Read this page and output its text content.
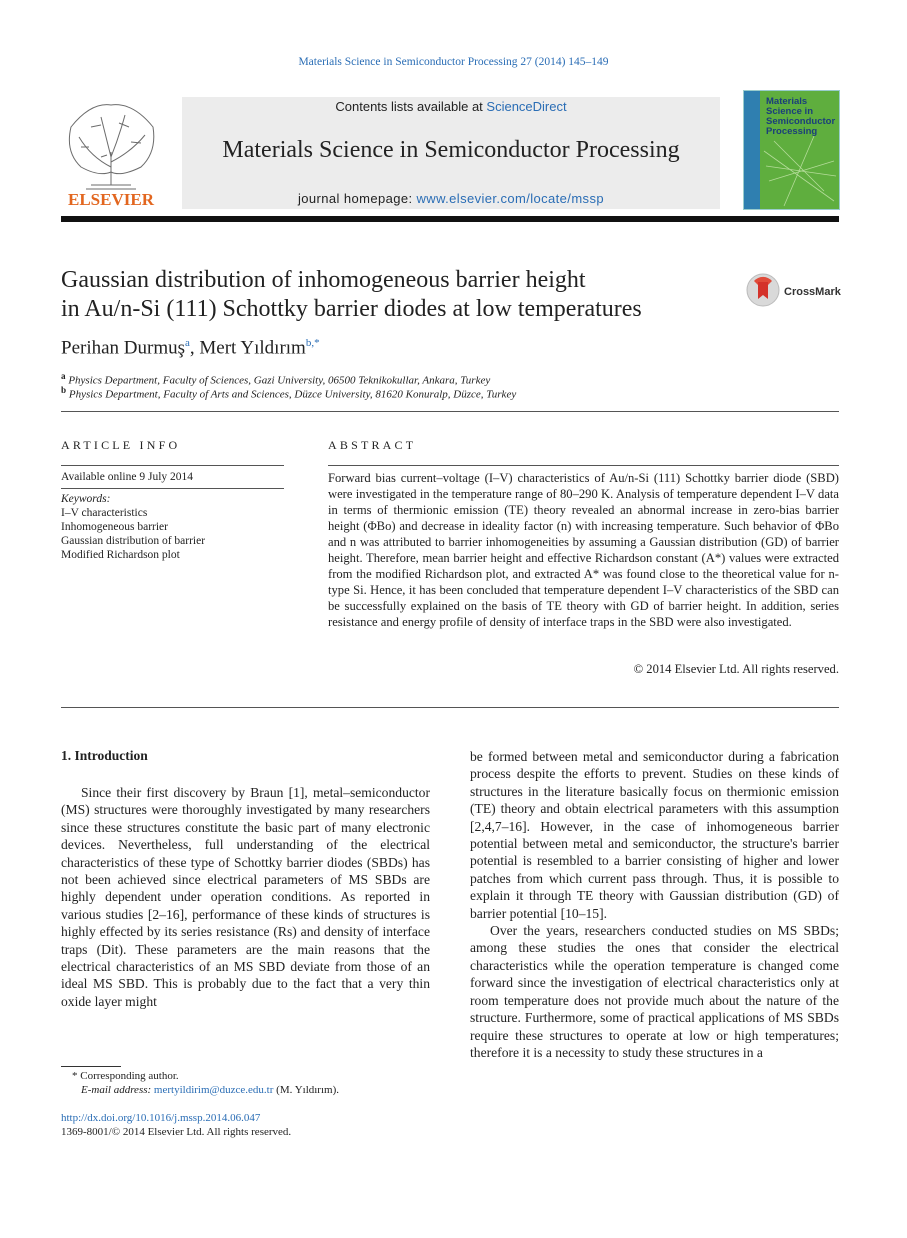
Materials Science in Semiconductor Processing 27 (2014) 145–149
ELSEVIER
Contents lists available at ScienceDirect
Materials Science in Semiconductor Processing
journal homepage: www.elsevier.com/locate/mssp
Materials Science in Semiconductor Processing
Gaussian distribution of inhomogeneous barrier height
in Au/n-Si (111) Schottky barrier diodes at low temperatures
CrossMark
Perihan Durmuş$^a$, Mert Yıldırım$^{b,*}$
$^a$ Physics Department, Faculty of Sciences, Gazi University, 06500 Teknikokullar, Ankara, Turkey
$^b$ Physics Department, Faculty of Arts and Sciences, Düzce University, 81620 Konuralp, Düzce, Turkey
ARTICLE INFO
Available online 9 July 2014
Keywords:
I–V characteristics
Inhomogeneous barrier
Gaussian distribution of barrier
Modified Richardson plot
ABSTRACT
Forward bias current–voltage (I–V) characteristics of Au/n-Si (111) Schottky barrier diode (SBD) were investigated in the temperature range of 80–290 K. Analysis of temperature dependent I–V data in terms of thermionic emission (TE) theory revealed an abnormal increase in zero-bias barrier height (ΦBo) and decrease in ideality factor (n) with increasing temperature. Such behavior of ΦBo and n was attributed to barrier inhomogeneities by assuming a Gaussian distribution (GD) of barrier height. Therefore, mean barrier height and effective Richardson constant (A*) values were extracted from the modified Richardson plot, and extracted A* was found close to the theoretical value for n-type Si. Hence, it has been concluded that temperature dependent I–V characteristics of the SBD can be successfully explained on the basis of TE theory with GD of barrier height. In addition, series resistance and energy profile of density of interface traps in the SBD were also investigated.
© 2014 Elsevier Ltd. All rights reserved.
1. Introduction

Since their first discovery by Braun [1], metal–semiconductor (MS) structures were thoroughly investigated by many researchers since these structures constitute the basic part of many electronic devices. Nevertheless, full understanding of the electrical characteristics of these type of Schottky barrier diodes (SBDs) has not been achieved since electrical parameters of MS SBDs are highly dependent under operation conditions. As reported in various studies [2–16], performance of these kinds of structures is highly effected by its series resistance (Rs) and density of interface traps (Dit). These parameters are the main reasons that the electrical characteristics of an MS SBD deviate from those of an ideal MS SBD. This is probably due to the fact that a very thin oxide layer might

be formed between metal and semiconductor during a fabrication process despite the efforts to prevent. Studies on these kinds of structures in the literature basically focus on thermionic emission (TE) theory and obtain electrical parameters with this assumption [2,4,7–16]. However, in the case of inhomogeneous barrier potential between metal and semiconductor, the structure's barrier potential is resembled to a barrier consisting of higher and lower patches from which current pass through. Thus, it is possible to explain it through TE theory with Gaussian distribution (GD) of barrier potential [10–15].

Over the years, researchers conducted studies on MS SBDs; among these studies the ones that consider the electrical characteristics while the operation temperature is changed come forward since the investigation of electrical characteristics only at room temperature does not provide much about the nature of the structure. Furthermore, some of practical applications of MS SBDs require these structures to operate at low or high temperatures; therefore it is a necessity to study these structures in a

* Corresponding author.
E-mail address: mertyildirim@duzce.edu.tr (M. Yıldırım).
http://dx.doi.org/10.1016/j.mssp.2014.06.047
1369-8001/© 2014 Elsevier Ltd. All rights reserved.
